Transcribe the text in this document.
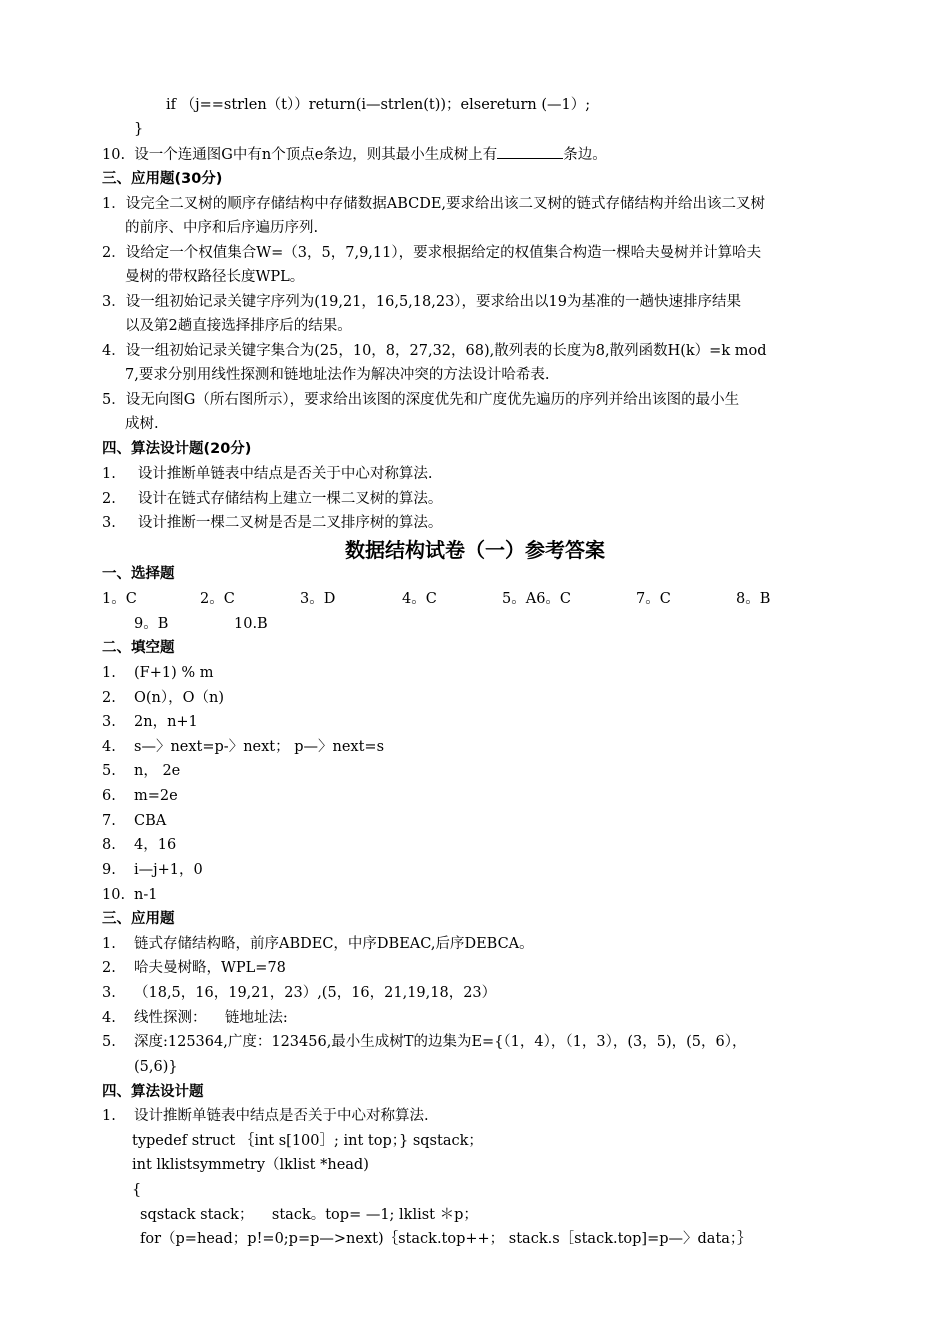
if （j==strlen（t））return(i—strlen(t))；elsereturn (—1）;
}
10. 设一个连通图G中有n个顶点e条边，则其最小生成树上有	条边。
三、应用题(30分)
1．设完全二叉树的顺序存储结构中存储数据ABCDE,要求给出该二叉树的链式存储结构并给出该二叉树
的前序、中序和后序遍历序列.
2．设给定一个权值集合W=（3，5，7,9,11），要求根据给定的权值集合构造一棵哈夫曼树并计算哈夫
曼树的带权路径长度WPL。
3．设一组初始记录关键字序列为(19,21，16,5,18,23），要求给出以19为基准的一趟快速排序结果
以及第2趟直接选择排序后的结果。
4．设一组初始记录关键字集合为(25，10，8，27,32，68),散列表的长度为8,散列函数H(k）=k mod
7,要求分别用线性探测和链地址法作为解决冲突的方法设计哈希表.
5．设无向图G（所右图所示），要求给出该图的深度优先和广度优先遍历的序列并给出该图的最小生
成树.
四、算法设计题(20分)
1. 设计推断单链表中结点是否关于中心对称算法.
2. 设计在链式存储结构上建立一棵二叉树的算法。
3. 设计推断一棵二叉树是否是二叉排序树的算法。
数据结构试卷（一）参考答案
一、选择题
1。C	2。C	3。D	4。C	5。A6。C	7。C	8。B
9。B	10.B
二、填空题
1. (F+1) % m
2. O(n），O（n)
3. 2n，n+1
4. s—〉next=p-〉next； p—〉next=s
5. n， 2e
6. m=2e
7. CBA
8. 4，16
9. i—j+1，0
10. n-1
三、应用题
1. 链式存储结构略，前序ABDEC，中序DBEAC,后序DEBCA。
2. 哈夫曼树略，WPL=78
3. （18,5，16，19,21，23）,(5，16，21,19,18，23）
4. 线性探测：    链地址法:
5. 深度:125364,广度：123456,最小生成树T的边集为E={（1，4），（1，3），(3，5)，(5，6），
(5,6)}
四、算法设计题
1. 设计推断单链表中结点是否关于中心对称算法.
typedef struct ｛int s[100］; int top；} sqstack；
int lklistsymmetry（lklist *head)
{
sqstack stack；    stack。top= —1; lklist ＊p；
for（p=head；p!=0;p=p—>next)｛stack.top++； stack.s［stack.top]=p—〉data；｝
